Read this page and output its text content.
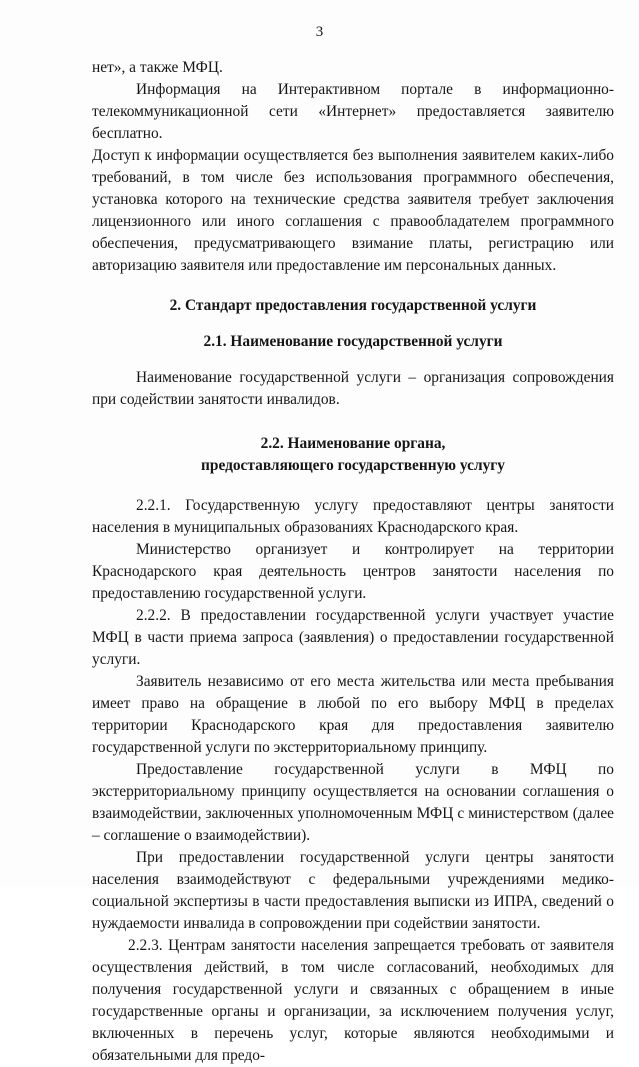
3

нет», а также МФЦ.

Информация на Интерактивном портале в информационно-телекоммуникационной сети «Интернет» предоставляется заявителю бесплатно.

Доступ к информации осуществляется без выполнения заявителем каких-либо требований, в том числе без использования программного обеспечения, установка которого на технические средства заявителя требует заключения лицензионного или иного соглашения с правообладателем программного обеспечения, предусматривающего взимание платы, регистрацию или авторизацию заявителя или предоставление им персональных данных.

2. Стандарт предоставления государственной услуги

2.1. Наименование государственной услуги

Наименование государственной услуги – организация сопровождения при содействии занятости инвалидов.

2.2. Наименование органа,

предоставляющего государственную услугу

2.2.1. Государственную услугу предоставляют центры занятости населения в муниципальных образованиях Краснодарского края.

Министерство организует и контролирует на территории Краснодарского края деятельность центров занятости населения по предоставлению государственной услуги.

2.2.2. В предоставлении государственной услуги участвует участие МФЦ в части приема запроса (заявления) о предоставлении государственной услуги.

Заявитель независимо от его места жительства или места пребывания имеет право на обращение в любой по его выбору МФЦ в пределах территории Краснодарского края для предоставления заявителю государственной услуги по экстерриториальному принципу.

Предоставление государственной услуги в МФЦ по экстерриториальному принципу осуществляется на основании соглашения о взаимодействии, заключенных уполномоченным МФЦ с министерством (далее – соглашение о взаимодействии).

При предоставлении государственной услуги центры занятости населения взаимодействуют с федеральными учреждениями медико-социальной экспертизы в части предоставления выписки из ИПРА, сведений о нуждаемости инвалида в сопровождении при содействии занятости.

2.2.3. Центрам занятости населения запрещается требовать от заявителя осуществления действий, в том числе согласований, необходимых для получения государственной услуги и связанных с обращением в иные государственные органы и организации, за исключением получения услуг, включенных в перечень услуг, которые являются необходимыми и обязательными для предо-
